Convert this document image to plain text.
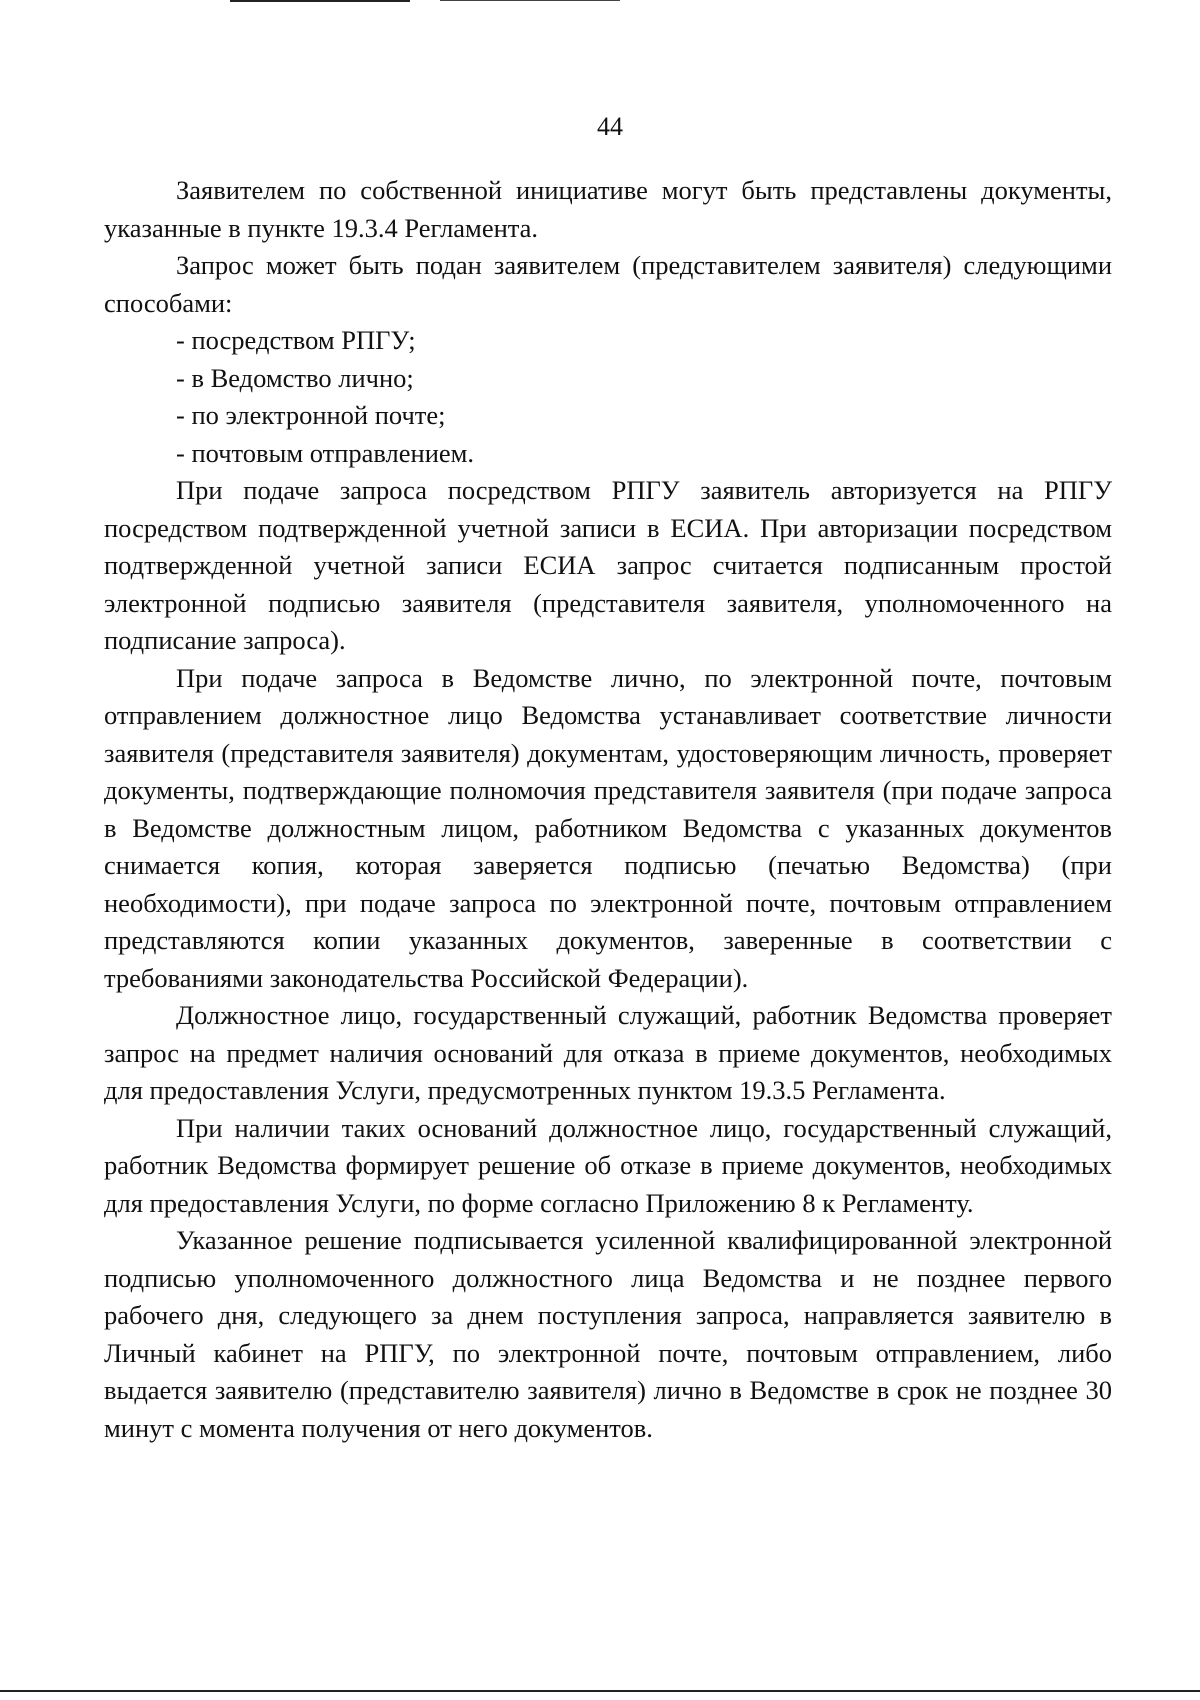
44

Заявителем по собственной инициативе могут быть представлены документы, указанные в пункте 19.3.4 Регламента.

Запрос может быть подан заявителем (представителем заявителя) следующими способами:

- посредством РПГУ;

- в Ведомство лично;

- по электронной почте;

- почтовым отправлением.

При подаче запроса посредством РПГУ заявитель авторизуется на РПГУ посредством подтвержденной учетной записи в ЕСИА. При авторизации посредством подтвержденной учетной записи ЕСИА запрос считается подписанным простой электронной подписью заявителя (представителя заявителя, уполномоченного на подписание запроса).

При подаче запроса в Ведомстве лично, по электронной почте, почтовым отправлением должностное лицо Ведомства устанавливает соответствие личности заявителя (представителя заявителя) документам, удостоверяющим личность, проверяет документы, подтверждающие полномочия представителя заявителя (при подаче запроса в Ведомстве должностным лицом, работником Ведомства с указанных документов снимается копия, которая заверяется подписью (печатью Ведомства) (при необходимости), при подаче запроса по электронной почте, почтовым отправлением представляются копии указанных документов, заверенные в соответствии с требованиями законодательства Российской Федерации).

Должностное лицо, государственный служащий, работник Ведомства проверяет запрос на предмет наличия оснований для отказа в приеме документов, необходимых для предоставления Услуги, предусмотренных пунктом 19.3.5 Регламента.

При наличии таких оснований должностное лицо, государственный служащий, работник Ведомства формирует решение об отказе в приеме документов, необходимых для предоставления Услуги, по форме согласно Приложению 8 к Регламенту.

Указанное решение подписывается усиленной квалифицированной электронной подписью уполномоченного должностного лица Ведомства и не позднее первого рабочего дня, следующего за днем поступления запроса, направляется заявителю в Личный кабинет на РПГУ, по электронной почте, почтовым отправлением, либо выдается заявителю (представителю заявителя) лично в Ведомстве в срок не позднее 30 минут с момента получения от него документов.
